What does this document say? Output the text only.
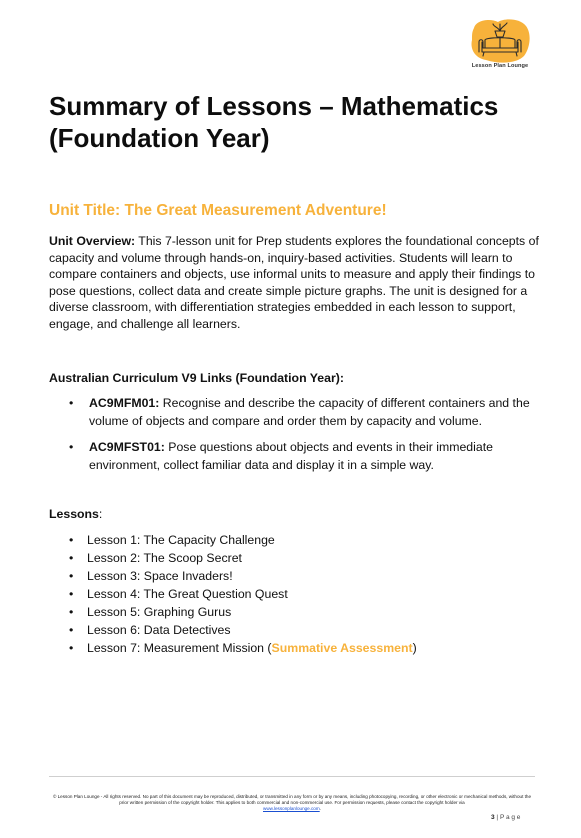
Lesson Plan Lounge
Summary of Lessons – Mathematics (Foundation Year)
Unit Title: The Great Measurement Adventure!

Unit Overview: This 7-lesson unit for Prep students explores the foundational concepts of capacity and volume through hands-on, inquiry-based activities. Students will learn to compare containers and objects, use informal units to measure and apply their findings to pose questions, collect data and create simple picture graphs. The unit is designed for a diverse classroom, with differentiation strategies embedded in each lesson to support, engage, and challenge all learners.

Australian Curriculum V9 Links (Foundation Year):
• AC9MFM01: Recognise and describe the capacity of different containers and the volume of objects and compare and order them by capacity and volume.
• AC9MFST01: Pose questions about objects and events in their immediate environment, collect familiar data and display it in a simple way.
Lessons:
• Lesson 1: The Capacity Challenge
• Lesson 2: The Scoop Secret
• Lesson 3: Space Invaders!
• Lesson 4: The Great Question Quest
• Lesson 5: Graphing Gurus
• Lesson 6: Data Detectives
• Lesson 7: Measurement Mission (Summative Assessment)

© Lesson Plan Lounge - All rights reserved. No part of this document may be reproduced, distributed, or transmitted in any form or by any means, including photocopying, recording, or other electronic or mechanical methods, without the prior written permission of the copyright holder. This applies to both commercial and non-commercial use. For permission requests, please contact the copyright holder via
www.lessonplanlounge.com.

3 | P a g e
